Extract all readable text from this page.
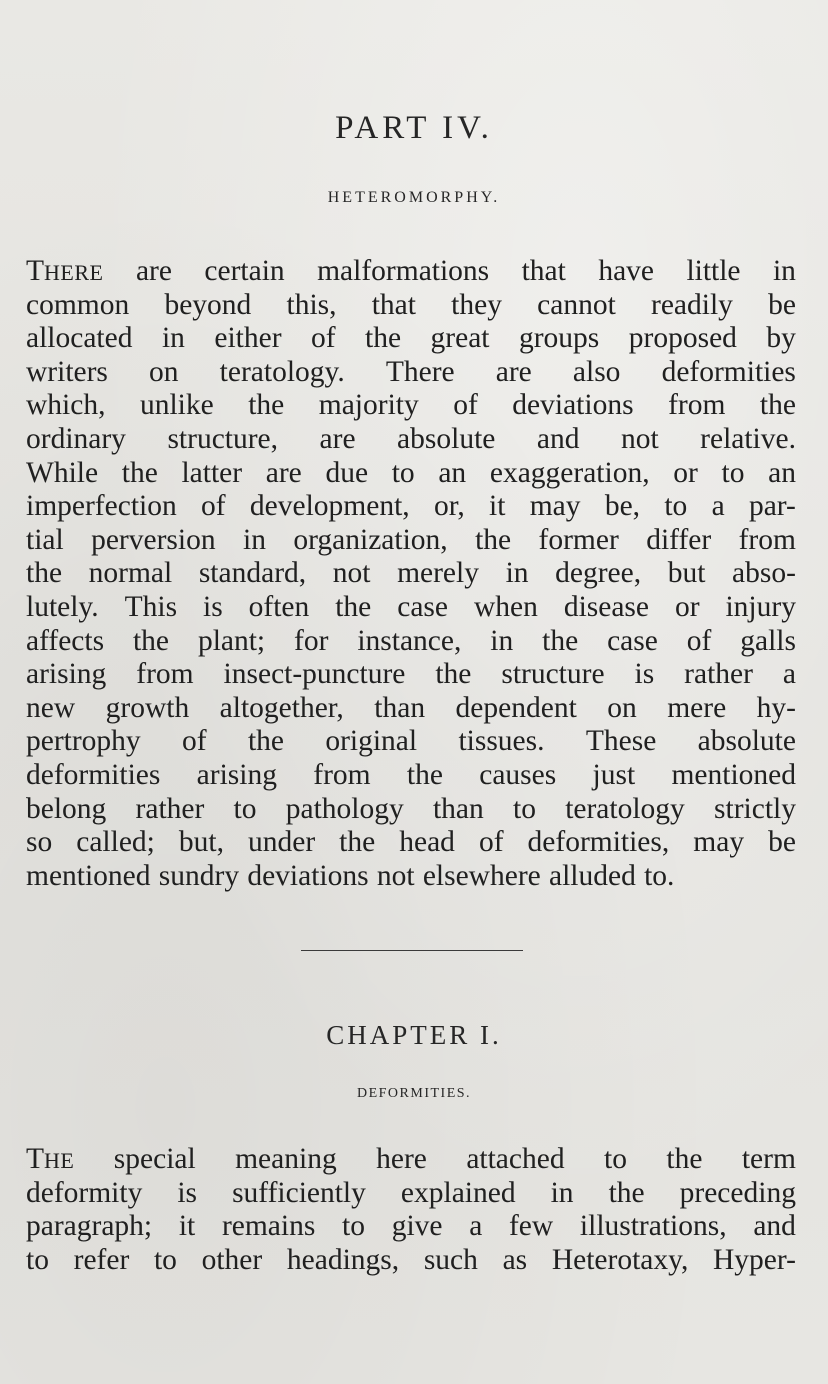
PART IV.
HETEROMORPHY.
THERE are certain malformations that have little in
common beyond this, that they cannot readily be
allocated in either of the great groups proposed by
writers on teratology. There are also deformities
which, unlike the majority of deviations from the
ordinary structure, are absolute and not relative.
While the latter are due to an exaggeration, or to an
imperfection of development, or, it may be, to a par-
tial perversion in organization, the former differ from
the normal standard, not merely in degree, but abso-
lutely. This is often the case when disease or injury
affects the plant; for instance, in the case of galls
arising from insect-puncture the structure is rather a
new growth altogether, than dependent on mere hy-
pertrophy of the original tissues. These absolute
deformities arising from the causes just mentioned
belong rather to pathology than to teratology strictly
so called; but, under the head of deformities, may be
mentioned sundry deviations not elsewhere alluded to.
CHAPTER I.
DEFORMITIES.
THE special meaning here attached to the term
deformity is sufficiently explained in the preceding
paragraph; it remains to give a few illustrations, and
to refer to other headings, such as Heterotaxy, Hyper-
